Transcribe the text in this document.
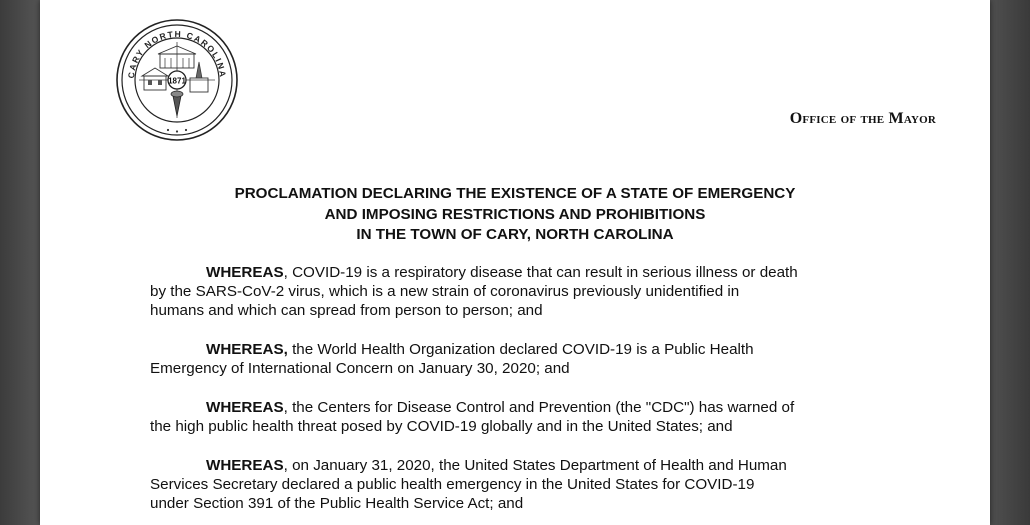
CARY NORTH CAROLINA
1871
Office of the Mayor
PROCLAMATION DECLARING THE EXISTENCE OF A STATE OF EMERGENCY
AND IMPOSING RESTRICTIONS AND PROHIBITIONS
IN THE TOWN OF CARY, NORTH CAROLINA
WHEREAS, COVID-19 is a respiratory disease that can result in serious illness or death
by the SARS-CoV-2 virus, which is a new strain of coronavirus previously unidentified in
humans and which can spread from person to person; and
WHEREAS, the World Health Organization declared COVID-19 is a Public Health
Emergency of International Concern on January 30, 2020; and
WHEREAS, the Centers for Disease Control and Prevention (the "CDC") has warned of
the high public health threat posed by COVID-19 globally and in the United States; and
WHEREAS, on January 31, 2020, the United States Department of Health and Human
Services Secretary declared a public health emergency in the United States for COVID-19
under Section 391 of the Public Health Service Act; and
